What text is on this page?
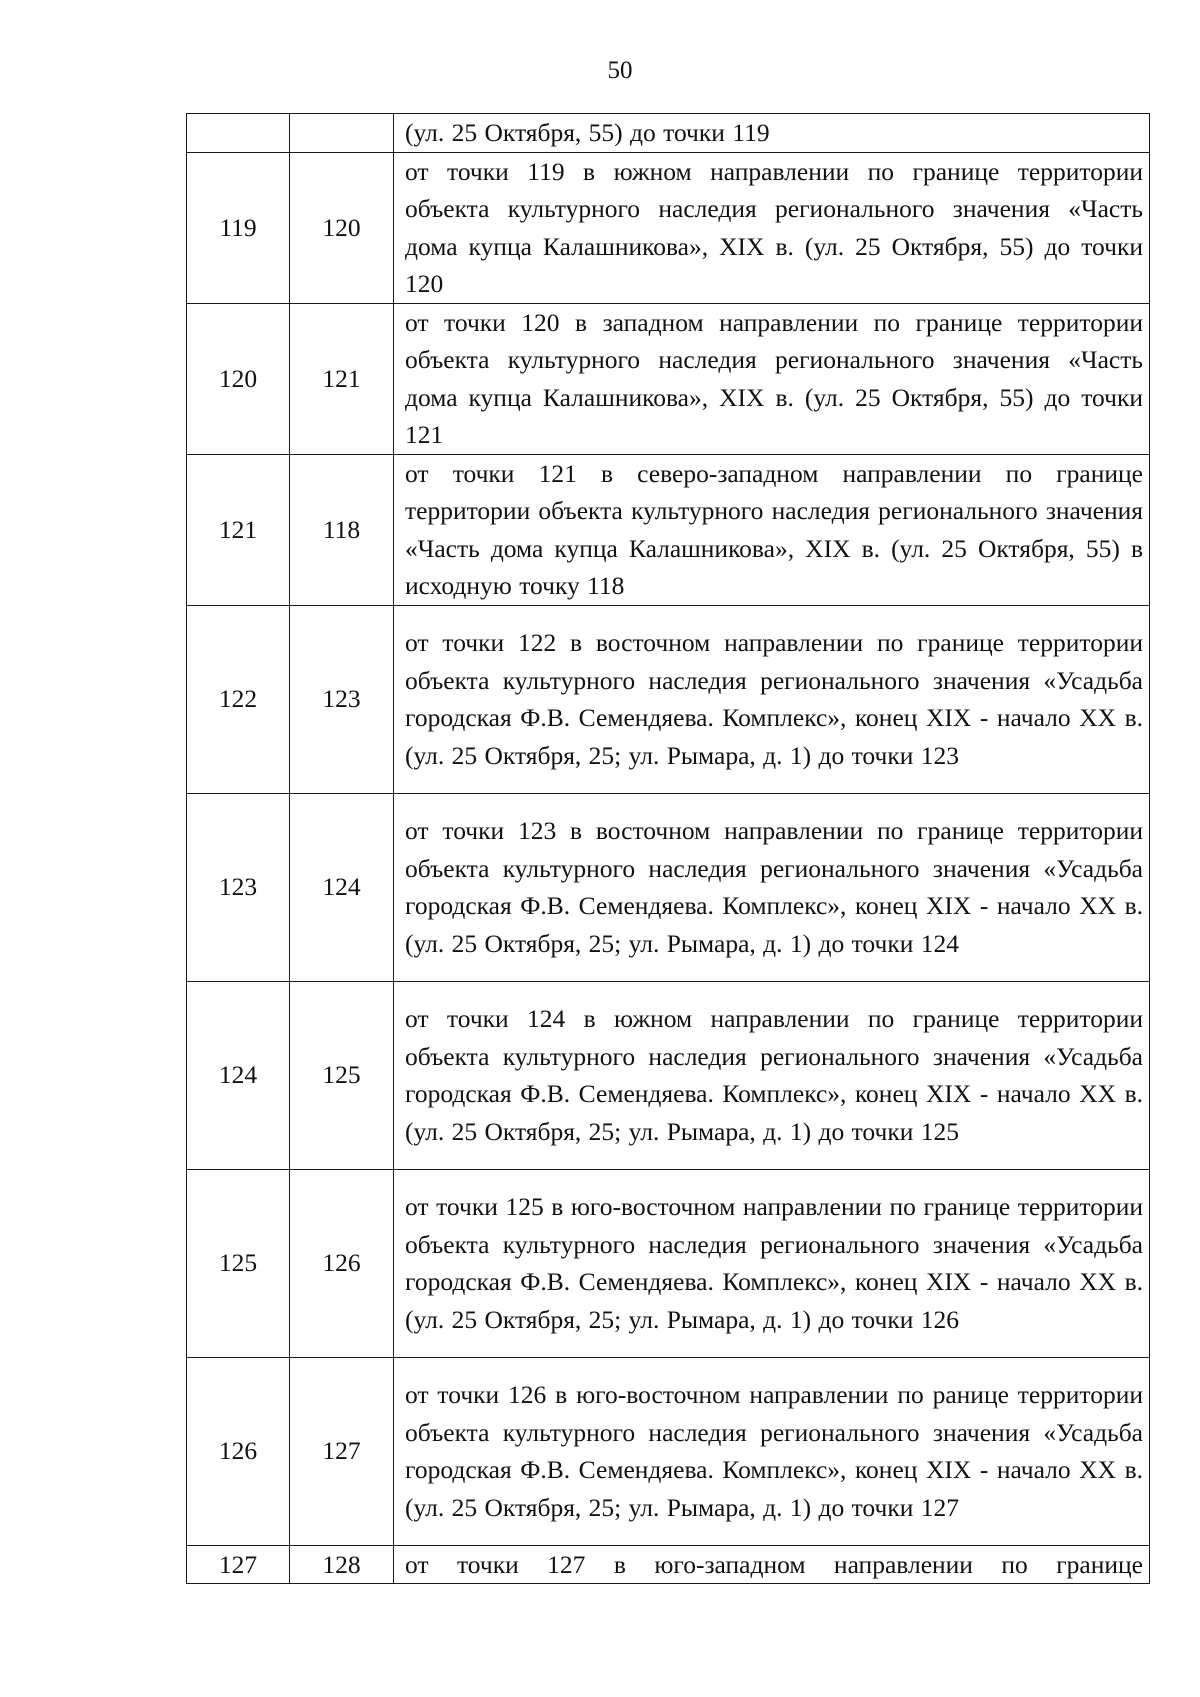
50
		(ул. 25 Октября, 55) до точки 119
119	120	от точки 119 в южном направлении по границе территории объекта культурного наследия регионального значения «Часть дома купца Калашникова», XIX в. (ул. 25 Октября, 55) до точки 120
120	121	от точки 120 в западном направлении по границе территории объекта культурного наследия регионального значения «Часть дома купца Калашникова», XIX в. (ул. 25 Октября, 55) до точки 121
121	118	от точки 121 в северо-западном направлении по границе территории объекта культурного наследия регионального значения «Часть дома купца Калашникова», XIX в. (ул. 25 Октября, 55) в исходную точку 118
122	123	от точки 122 в восточном направлении по границе территории объекта культурного наследия регионального значения «Усадьба городская Ф.В. Семендяева. Комплекс», конец XIX - начало XX в. (ул. 25 Октября, 25; ул. Рымара, д. 1) до точки 123
123	124	от точки 123 в восточном направлении по границе территории объекта культурного наследия регионального значения «Усадьба городская Ф.В. Семендяева. Комплекс», конец XIX - начало XX в. (ул. 25 Октября, 25; ул. Рымара, д. 1) до точки 124
124	125	от точки 124 в южном направлении по границе территории объекта культурного наследия регионального значения «Усадьба городская Ф.В. Семендяева. Комплекс», конец XIX - начало XX в. (ул. 25 Октября, 25; ул. Рымара, д. 1) до точки 125
125	126	от точки 125 в юго-восточном направлении по границе территории объекта культурного наследия регионального значения «Усадьба городская Ф.В. Семендяева. Комплекс», конец XIX - начало XX в. (ул. 25 Октября, 25; ул. Рымара, д. 1) до точки 126
126	127	от точки 126 в юго-восточном направлении по ранице территории объекта культурного наследия регионального значения «Усадьба городская Ф.В. Семендяева. Комплекс», конец XIX - начало XX в. (ул. 25 Октября, 25; ул. Рымара, д. 1) до точки 127
127	128	от точки 127 в юго-западном направлении по границе
